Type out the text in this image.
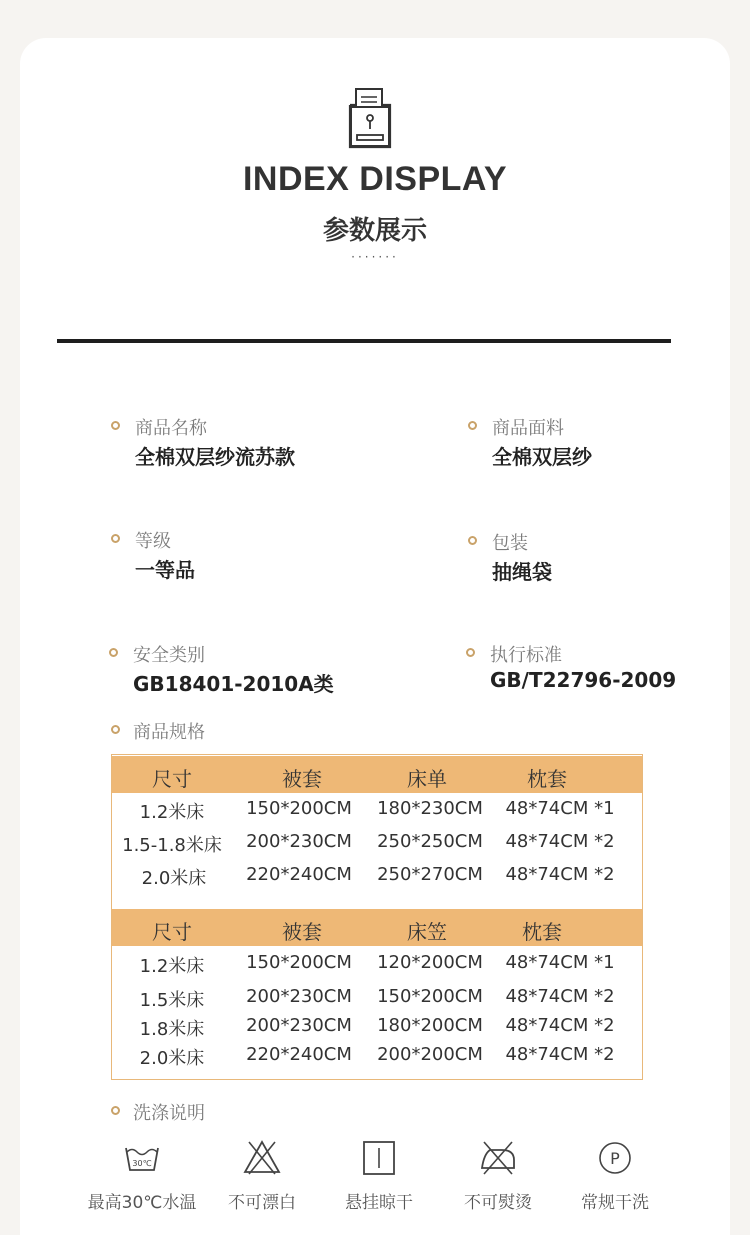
INDEX DISPLAY
参数展示
·······
商品名称
全棉双层纱流苏款
商品面料
全棉双层纱
等级
一等品
包装
抽绳袋
安全类别
GB18401-2010A类
执行标准
GB/T22796-2009
商品规格
尺寸	被套	床单	枕套
1.2米床 150*200CM 180*230CM 48*74CM *1
1.5-1.8米床 200*230CM 250*250CM 48*74CM *2
2.0米床 220*240CM 250*270CM 48*74CM *2
尺寸	被套	床笠	枕套
1.2米床 150*200CM 120*200CM 48*74CM *1
1.5米床 200*230CM 150*200CM 48*74CM *2
1.8米床 200*230CM 180*200CM 48*74CM *2
2.0米床 220*240CM 200*200CM 48*74CM *2
洗涤说明
30℃
最高30℃水温	不可漂白	悬挂晾干	不可熨烫
P
常规干洗
